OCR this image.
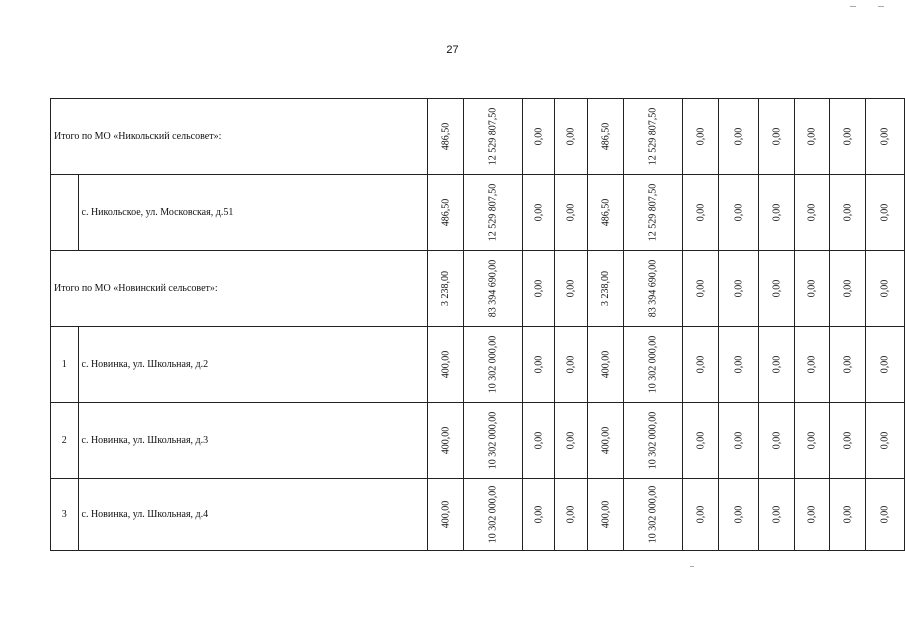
27
Итого по МО «Никольский сельсовет»:		486,50	12 529 807,50	0,00	0,00	486,50	12 529 807,50	0,00	0,00	0,00	0,00	0,00	0,00
	с. Никольское, ул. Московская, д.51	486,50	12 529 807,50	0,00	0,00	486,50	12 529 807,50	0,00	0,00	0,00	0,00	0,00	0,00
Итого по МО «Новинский сельсовет»:		3 238,00	83 394 690,00	0,00	0,00	3 238,00	83 394 690,00	0,00	0,00	0,00	0,00	0,00	0,00
1	с. Новинка, ул. Школьная, д.2	400,00	10 302 000,00	0,00	0,00	400,00	10 302 000,00	0,00	0,00	0,00	0,00	0,00	0,00
2	с. Новинка, ул. Школьная, д.3	400,00	10 302 000,00	0,00	0,00	400,00	10 302 000,00	0,00	0,00	0,00	0,00	0,00	0,00
3	с. Новинка, ул. Школьная, д.4	400,00	10 302 000,00	0,00	0,00	400,00	10 302 000,00	0,00	0,00	0,00	0,00	0,00	0,00
